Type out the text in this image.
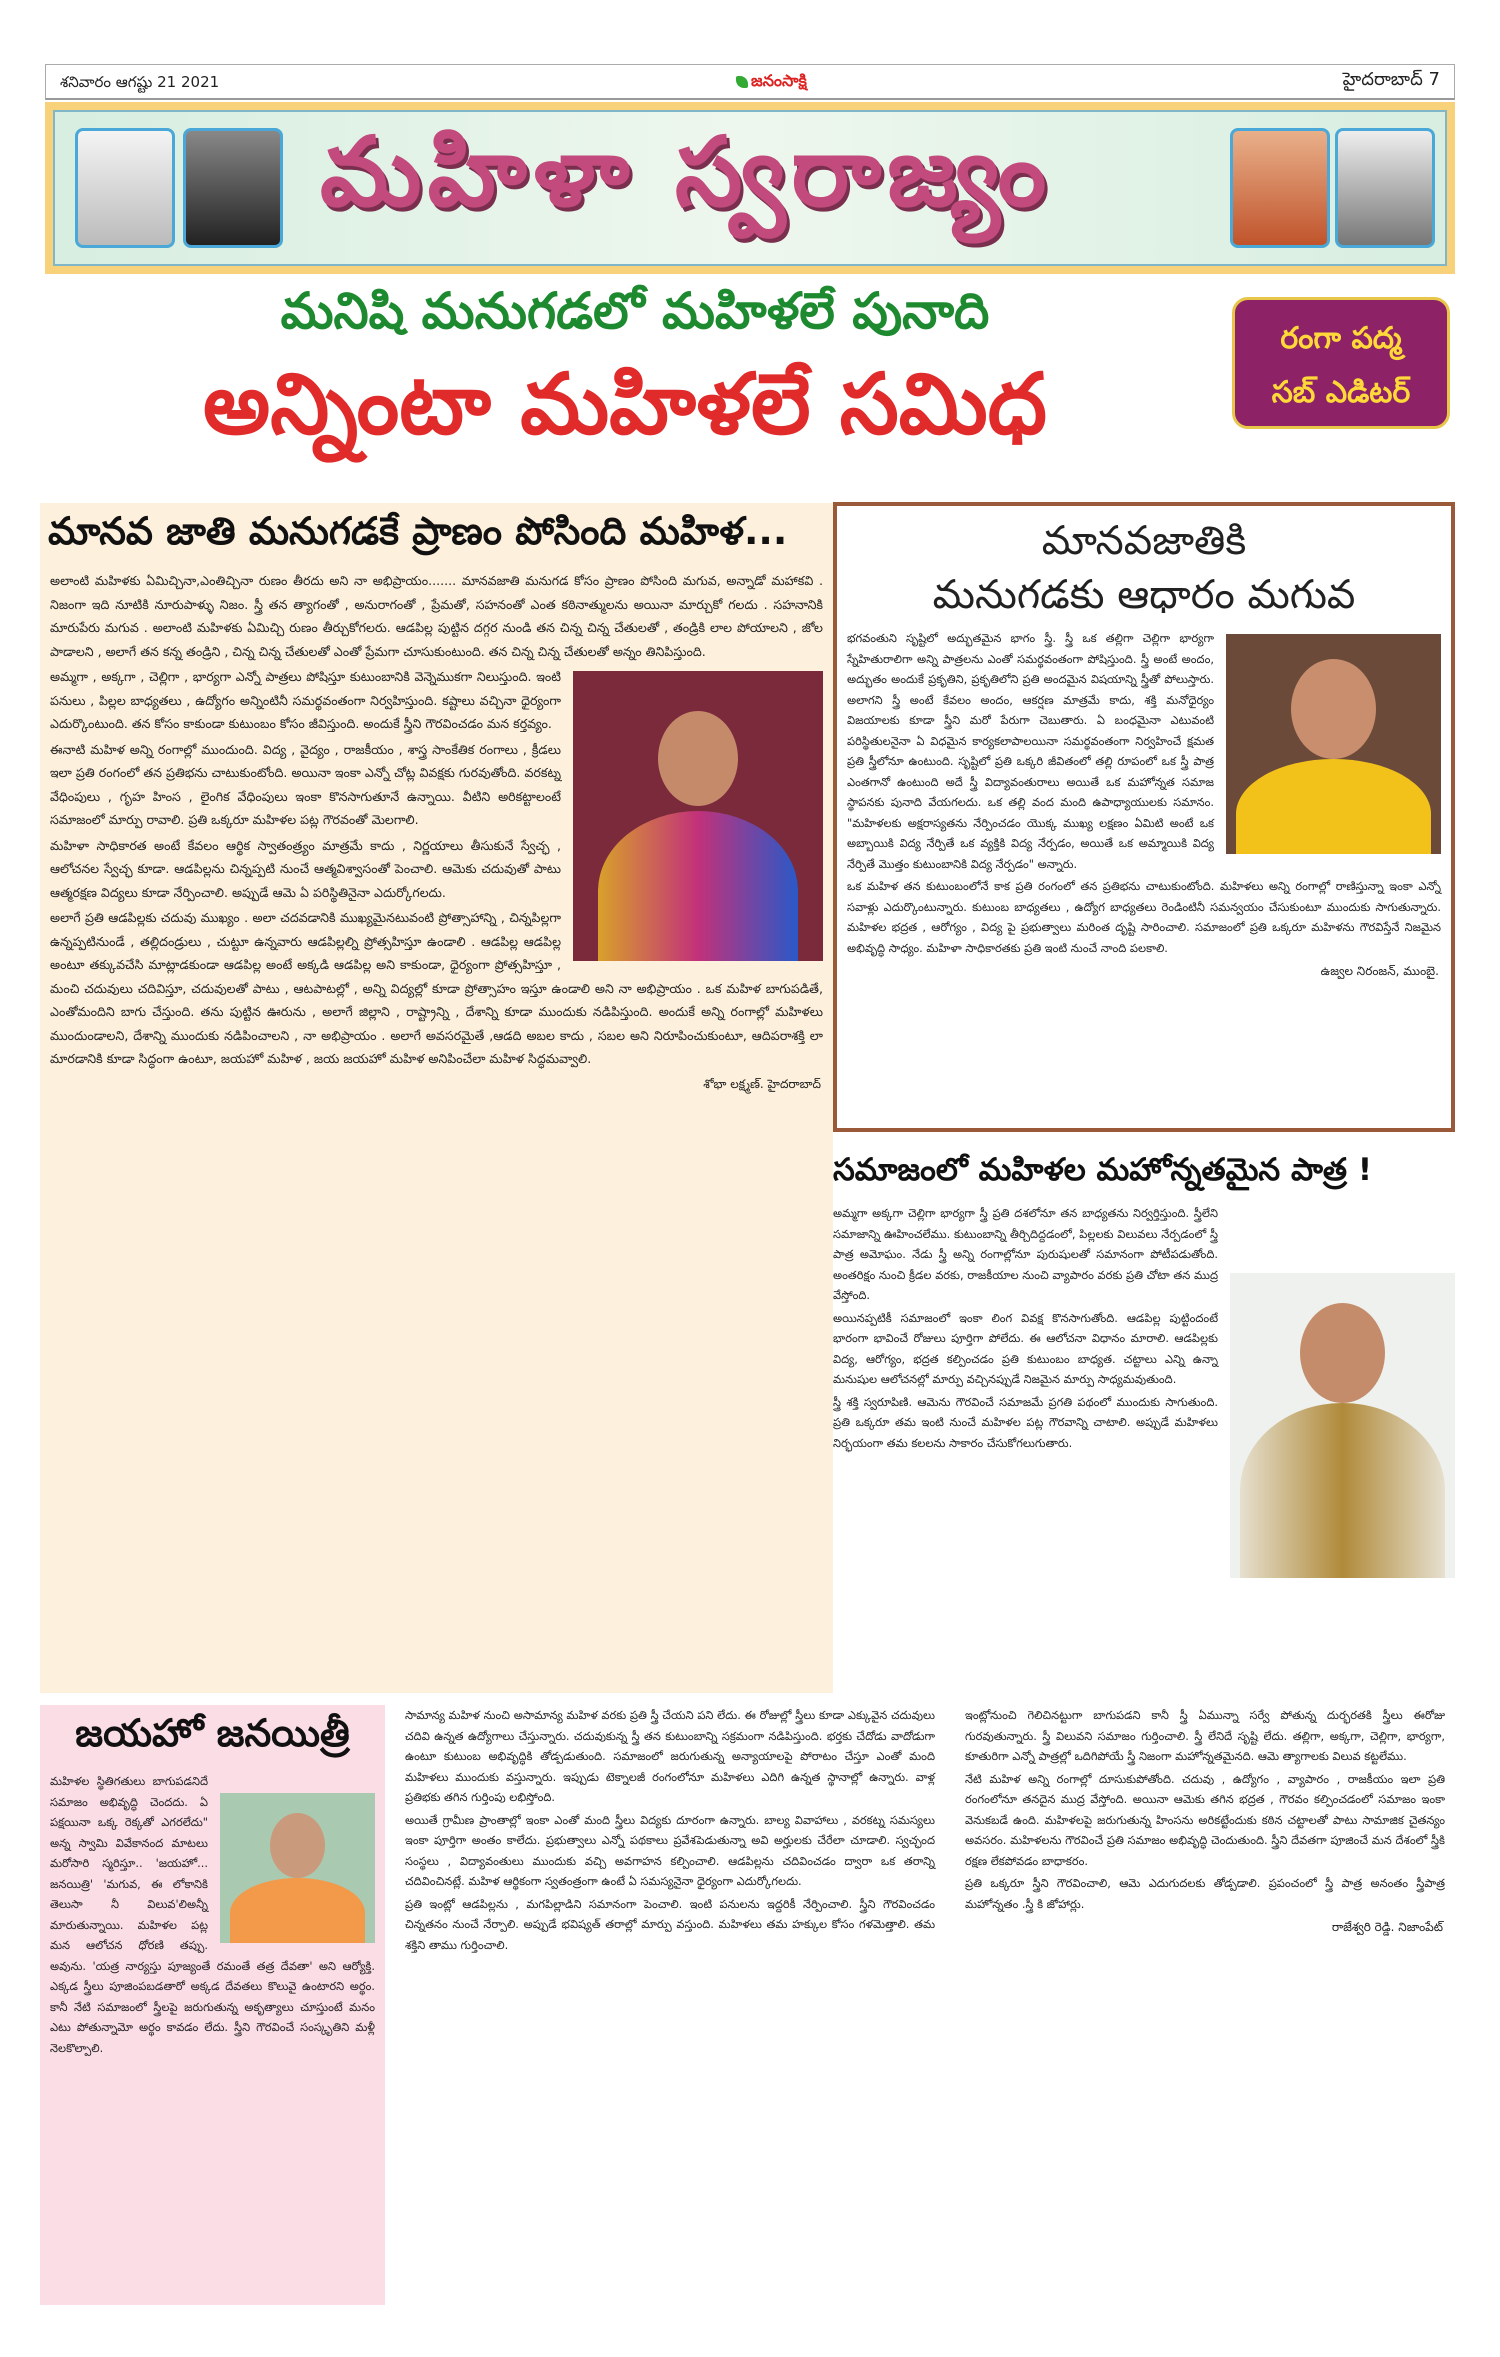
శనివారం ఆగష్టు 21 2021	జనంసాక్షి	హైదరాబాద్ 7
మహిళా స్వరాజ్యం
మనిషి మనుగడలో మహిళలే పునాది
అన్నింటా మహిళలే సమిధ
రంగా పద్మ
సబ్ ఎడిటర్
మానవ జాతి మనుగడకే ప్రాణం పోసింది మహిళ...

అలాంటి మహిళకు ఏమిచ్చినా,ఎంతిచ్చినా రుణం తీరదు అని నా అభిప్రాయం....... మానవజాతి మనుగడ కోసం ప్రాణం పోసింది మగువ, అన్నాడో మహాకవి . నిజంగా ఇది నూటికి నూరుపాళ్ళు నిజం. స్త్రీ తన త్యాగంతో , అనురాగంతో , ప్రేమతో, సహనంతో ఎంత కఠినాత్ములను అయినా మార్చుకో గలదు . సహనానికి మారుపేరు మగువ . అలాంటి మహిళకు ఏమిచ్చి రుణం తీర్చుకోగలరు. ఆడపిల్ల పుట్టిన దగ్గర నుండి తన చిన్న చిన్న చేతులతో , తండ్రికి లాల పోయాలని , జోల పాడాలని , అలాగే తన కన్న తండ్రిని , చిన్న చిన్న చేతులతో ఎంతో ప్రేమగా చూసుకుంటుంది. తన చిన్న చిన్న చేతులతో అన్నం తినిపిస్తుంది.

అమ్మగా , అక్కగా , చెల్లిగా , భార్యగా ఎన్నో పాత్రలు పోషిస్తూ కుటుంబానికి వెన్నెముకగా నిలుస్తుంది. ఇంటి పనులు , పిల్లల బాధ్యతలు , ఉద్యోగం అన్నింటినీ సమర్థవంతంగా నిర్వహిస్తుంది. కష్టాలు వచ్చినా ధైర్యంగా ఎదుర్కొంటుంది. తన కోసం కాకుండా కుటుంబం కోసం జీవిస్తుంది. అందుకే స్త్రీని గౌరవించడం మన కర్తవ్యం.

ఈనాటి మహిళ అన్ని రంగాల్లో ముందుంది. విద్య , వైద్యం , రాజకీయం , శాస్త్ర సాంకేతిక రంగాలు , క్రీడలు ఇలా ప్రతి రంగంలో తన ప్రతిభను చాటుకుంటోంది. అయినా ఇంకా ఎన్నో చోట్ల వివక్షకు గురవుతోంది. వరకట్న వేధింపులు , గృహ హింస , లైంగిక వేధింపులు ఇంకా కొనసాగుతూనే ఉన్నాయి. వీటిని అరికట్టాలంటే సమాజంలో మార్పు రావాలి. ప్రతి ఒక్కరూ మహిళల పట్ల గౌరవంతో మెలగాలి.

మహిళా సాధికారత అంటే కేవలం ఆర్థిక స్వాతంత్ర్యం మాత్రమే కాదు , నిర్ణయాలు తీసుకునే స్వేచ్ఛ , ఆలోచనల స్వేచ్ఛ కూడా. ఆడపిల్లను చిన్నప్పటి నుంచే ఆత్మవిశ్వాసంతో పెంచాలి. ఆమెకు చదువుతో పాటు ఆత్మరక్షణ విద్యలు కూడా నేర్పించాలి. అప్పుడే ఆమె ఏ పరిస్థితినైనా ఎదుర్కోగలదు.

అలాగే ప్రతి ఆడపిల్లకు చదువు ముఖ్యం . అలా చదవడానికి ముఖ్యమైనటువంటి ప్రోత్సాహాన్ని , చిన్నపిల్లగా ఉన్నప్పటినుండే , తల్లిదండ్రులు , చుట్టూ ఉన్నవారు ఆడపిల్లల్ని ప్రోత్సహిస్తూ ఉండాలి . ఆడపిల్ల ఆడపిల్ల అంటూ తక్కువచేసి మాట్లాడకుండా ఆడపిల్ల అంటే అక్కడి ఆడపిల్ల అని కాకుండా, ధైర్యంగా ప్రోత్సహిస్తూ , మంచి చదువులు చదివిస్తూ, చదువులతో పాటు , ఆటపాటల్లో , అన్ని విద్యల్లో కూడా ప్రోత్సాహం ఇస్తూ ఉండాలి అని నా అభిప్రాయం . ఒక మహిళ బాగుపడితే, ఎంతోమందిని బాగు చేస్తుంది. తను పుట్టిన ఊరును , అలాగే జిల్లాని , రాష్ట్రాన్ని , దేశాన్ని కూడా ముందుకు నడిపిస్తుంది. అందుకే అన్ని రంగాల్లో మహిళలు ముందుండాలని, దేశాన్ని ముందుకు నడిపించాలని , నా అభిప్రాయం . అలాగే అవసరమైతే ,ఆడది అబల కాదు , సబల అని నిరూపించుకుంటూ, ఆదిపరాశక్తి లా మారడానికి కూడా సిద్ధంగా ఉంటూ, జయహో మహిళ , జయ జయహో మహిళ అనిపించేలా మహిళ సిద్ధమవ్వాలి.

శోభా లక్ష్మణ్. హైదరాబాద్
మానవజాతికి
మనుగడకు ఆధారం మగువ

భగవంతుని సృష్టిలో అద్భుతమైన భాగం స్త్రీ. స్త్రీ ఒక తల్లిగా చెల్లిగా భార్యగా స్నేహితురాలిగా అన్ని పాత్రలను ఎంతో సమర్థవంతంగా పోషిస్తుంది. స్త్రీ అంటే అందం, అద్భుతం అందుకే ప్రకృతిని, ప్రకృతిలోని ప్రతి అందమైన విషయాన్ని స్త్రీతో పోలుస్తారు. అలాగని స్త్రీ అంటే కేవలం అందం, ఆకర్షణ మాత్రమే కాదు, శక్తి మనోధైర్యం విజయాలకు కూడా స్త్రీని మరో పేరుగా చెబుతారు. ఏ బంధమైనా ఎటువంటి పరిస్థితులనైనా ఏ విధమైన కార్యకలాపాలయినా సమర్థవంతంగా నిర్వహించే క్షమత ప్రతి స్త్రీలోనూ ఉంటుంది. సృష్టిలో ప్రతి ఒక్కరి జీవితంలో తల్లి రూపంలో ఒక స్త్రీ పాత్ర ఎంతగానో ఉంటుంది అదే స్త్రీ విద్యావంతురాలు అయితే ఒక మహోన్నత సమాజ స్థాపనకు పునాది వేయగలదు. ఒక తల్లి వంద మంది ఉపాధ్యాయులకు సమానం. "మహిళలకు అక్షరాస్యతను నేర్పించడం యొక్క ముఖ్య లక్షణం ఏమిటి అంటే ఒక అబ్బాయికి విద్య నేర్పితే ఒక వ్యక్తికి విద్య నేర్పడం, అయితే ఒక అమ్మాయికి విద్య నేర్పితే మొత్తం కుటుంబానికి విద్య నేర్పడం" అన్నారు.

ఒక మహిళ తన కుటుంబంలోనే కాక ప్రతి రంగంలో తన ప్రతిభను చాటుకుంటోంది. మహిళలు అన్ని రంగాల్లో రాణిస్తున్నా ఇంకా ఎన్నో సవాళ్లు ఎదుర్కొంటున్నారు. కుటుంబ బాధ్యతలు , ఉద్యోగ బాధ్యతలు రెండింటినీ సమన్వయం చేసుకుంటూ ముందుకు సాగుతున్నారు. మహిళల భద్రత , ఆరోగ్యం , విద్య పై ప్రభుత్వాలు మరింత దృష్టి సారించాలి. సమాజంలో ప్రతి ఒక్కరూ మహిళను గౌరవిస్తేనే నిజమైన అభివృద్ధి సాధ్యం. మహిళా సాధికారతకు ప్రతి ఇంటి నుంచే నాంది పలకాలి.

ఉజ్వల నిరంజన్, ముంబై.
సమాజంలో మహిళల మహోన్నతమైన పాత్ర !

అమ్మగా అక్కగా చెల్లిగా భార్యగా స్త్రీ ప్రతి దశలోనూ తన బాధ్యతను నిర్వర్తిస్తుంది. స్త్రీలేని సమాజాన్ని ఊహించలేము. కుటుంబాన్ని తీర్చిదిద్దడంలో, పిల్లలకు విలువలు నేర్పడంలో స్త్రీ పాత్ర అమోఘం. నేడు స్త్రీ అన్ని రంగాల్లోనూ పురుషులతో సమానంగా పోటీపడుతోంది. అంతరిక్షం నుంచి క్రీడల వరకు, రాజకీయాల నుంచి వ్యాపారం వరకు ప్రతి చోటా తన ముద్ర వేస్తోంది.

అయినప్పటికీ సమాజంలో ఇంకా లింగ వివక్ష కొనసాగుతోంది. ఆడపిల్ల పుట్టిందంటే భారంగా భావించే రోజులు పూర్తిగా పోలేదు. ఈ ఆలోచనా విధానం మారాలి. ఆడపిల్లకు విద్య, ఆరోగ్యం, భద్రత కల్పించడం ప్రతి కుటుంబం బాధ్యత. చట్టాలు ఎన్ని ఉన్నా మనుషుల ఆలోచనల్లో మార్పు వచ్చినప్పుడే నిజమైన మార్పు సాధ్యమవుతుంది.

స్త్రీ శక్తి స్వరూపిణి. ఆమెను గౌరవించే సమాజమే ప్రగతి పథంలో ముందుకు సాగుతుంది. ప్రతి ఒక్కరూ తమ ఇంటి నుంచే మహిళల పట్ల గౌరవాన్ని చాటాలి. అప్పుడే మహిళలు నిర్భయంగా తమ కలలను సాకారం చేసుకోగలుగుతారు.

జయహో జనయిత్రీ

మహిళల స్థితిగతులు బాగుపడనిదే సమాజం అభివృద్ధి చెందదు. ఏ పక్షయినా ఒక్క రెక్కతో ఎగరలేదు" అన్న స్వామి వివేకానంద మాటలు మరోసారి స్మరిస్తూ.. 'జయహో... జనయిత్రి' 'మగువ, ఈ లోకానికి తెలుసా నీ విలువ'లిఅన్నీ మారుతున్నాయి. మహిళల పట్ల మన ఆలోచన ధోరణి తప్పు. అవును. 'యత్ర నార్యస్తు పూజ్యంతే రమంతే తత్ర దేవతా' అని ఆర్యోక్తి. ఎక్కడ స్త్రీలు పూజింపబడతారో అక్కడ దేవతలు కొలువై ఉంటారని అర్థం. కానీ నేటి సమాజంలో స్త్రీలపై జరుగుతున్న అకృత్యాలు చూస్తుంటే మనం ఎటు పోతున్నామో అర్థం కావడం లేదు. స్త్రీని గౌరవించే సంస్కృతిని మళ్లీ నెలకొల్పాలి.

సామాన్య మహిళ నుంచి అసామాన్య మహిళ వరకు ప్రతి స్త్రీ చేయని పని లేదు. ఈ రోజుల్లో స్త్రీలు కూడా ఎక్కువైన చదువులు చదివి ఉన్నత ఉద్యోగాలు చేస్తున్నారు. చదువుకున్న స్త్రీ తన కుటుంబాన్ని సక్రమంగా నడిపిస్తుంది. భర్తకు చేదోడు వాదోడుగా ఉంటూ కుటుంబ అభివృద్ధికి తోడ్పడుతుంది. సమాజంలో జరుగుతున్న అన్యాయాలపై పోరాటం చేస్తూ ఎంతో మంది మహిళలు ముందుకు వస్తున్నారు. ఇప్పుడు టెక్నాలజీ రంగంలోనూ మహిళలు ఎదిగి ఉన్నత స్థానాల్లో ఉన్నారు. వాళ్ల ప్రతిభకు తగిన గుర్తింపు లభిస్తోంది.

అయితే గ్రామీణ ప్రాంతాల్లో ఇంకా ఎంతో మంది స్త్రీలు విద్యకు దూరంగా ఉన్నారు. బాల్య వివాహాలు , వరకట్న సమస్యలు ఇంకా పూర్తిగా అంతం కాలేదు. ప్రభుత్వాలు ఎన్నో పథకాలు ప్రవేశపెడుతున్నా అవి అర్హులకు చేరేలా చూడాలి. స్వచ్ఛంద సంస్థలు , విద్యావంతులు ముందుకు వచ్చి అవగాహన కల్పించాలి. ఆడపిల్లను చదివించడం ద్వారా ఒక తరాన్ని చదివించినట్లే. మహిళ ఆర్థికంగా స్వతంత్రంగా ఉంటే ఏ సమస్యనైనా ధైర్యంగా ఎదుర్కోగలదు.

ప్రతి ఇంట్లో ఆడపిల్లను , మగపిల్లాడిని సమానంగా పెంచాలి. ఇంటి పనులను ఇద్దరికీ నేర్పించాలి. స్త్రీని గౌరవించడం చిన్నతనం నుంచే నేర్పాలి. అప్పుడే భవిష్యత్ తరాల్లో మార్పు వస్తుంది. మహిళలు తమ హక్కుల కోసం గళమెత్తాలి. తమ శక్తిని తాము గుర్తించాలి.

ఇంట్లోనుంచి గెలిచినట్టుగా బాగుపడని కానీ స్త్రీ ఏమున్నా సర్వే పోతున్న దుర్భరతకి స్త్రీలు ఈరోజు గురవుతున్నారు. స్త్రీ విలువని సమాజం గుర్తించాలి. స్త్రీ లేనిదే సృష్టి లేదు. తల్లిగా, అక్కగా, చెల్లిగా, భార్యగా, కూతురిగా ఎన్నో పాత్రల్లో ఒదిగిపోయే స్త్రీ నిజంగా మహోన్నతమైనది. ఆమె త్యాగాలకు విలువ కట్టలేము.

నేటి మహిళ అన్ని రంగాల్లో దూసుకుపోతోంది. చదువు , ఉద్యోగం , వ్యాపారం , రాజకీయం ఇలా ప్రతి రంగంలోనూ తనదైన ముద్ర వేస్తోంది. అయినా ఆమెకు తగిన భద్రత , గౌరవం కల్పించడంలో సమాజం ఇంకా వెనుకబడే ఉంది. మహిళలపై జరుగుతున్న హింసను అరికట్టేందుకు కఠిన చట్టాలతో పాటు సామాజిక చైతన్యం అవసరం. మహిళలను గౌరవించే ప్రతి సమాజం అభివృద్ధి చెందుతుంది. స్త్రీని దేవతగా పూజించే మన దేశంలో స్త్రీకి రక్షణ లేకపోవడం బాధాకరం.

ప్రతి ఒక్కరూ స్త్రీని గౌరవించాలి, ఆమె ఎదుగుదలకు తోడ్పడాలి. ప్రపంచంలో స్త్రీ పాత్ర అనంతం స్త్రీపాత్ర మహోన్నతం .స్త్రీ కి జోహార్లు.

రాజేశ్వరి రెడ్డి. నిజాంపేట్
